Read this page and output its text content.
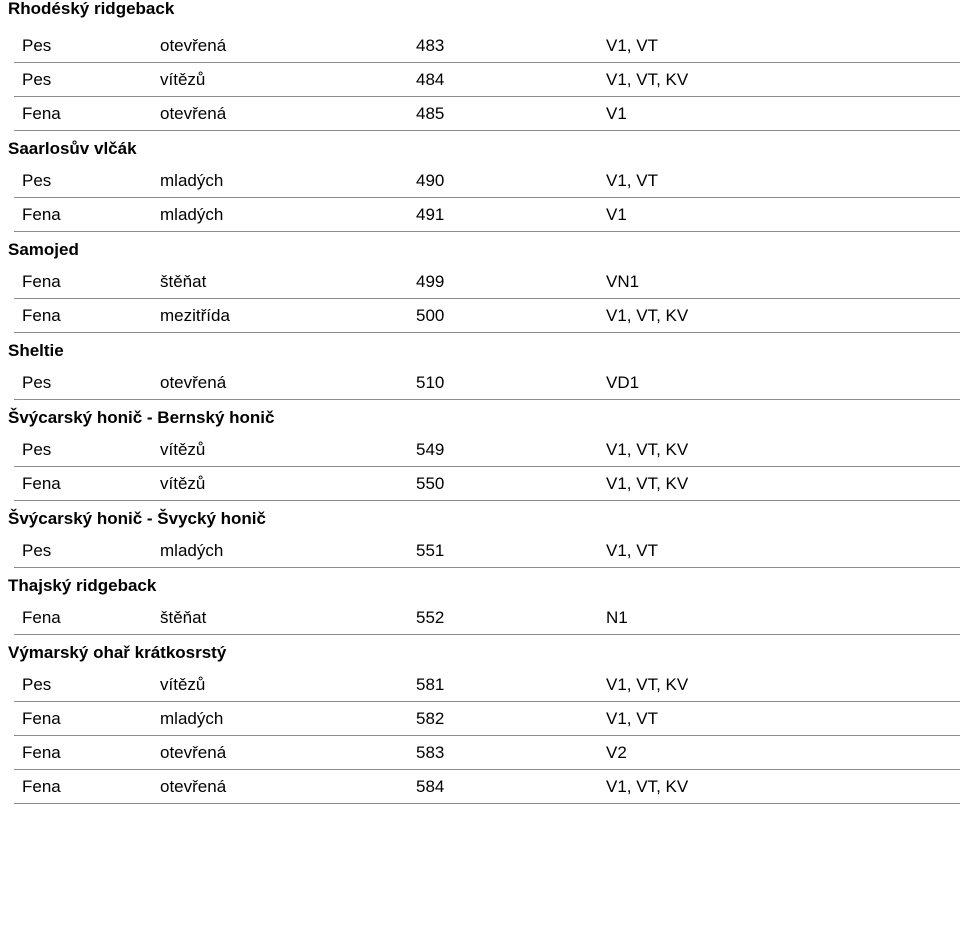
Rhodéský ridgeback
Pes	otevřená	483	V1, VT
Pes	vítězů	484	V1, VT, KV
Fena	otevřená	485	V1
Saarlosův vlčák
Pes	mladých	490	V1, VT
Fena	mladých	491	V1
Samojed
Fena	štěňat	499	VN1
Fena	mezitřída	500	V1, VT, KV
Sheltie
Pes	otevřená	510	VD1
Švýcarský honič - Bernský honič
Pes	vítězů	549	V1, VT, KV
Fena	vítězů	550	V1, VT, KV
Švýcarský honič - Švycký honič
Pes	mladých	551	V1, VT
Thajský ridgeback
Fena	štěňat	552	N1
Výmarský ohař krátkosrstý
Pes	vítězů	581	V1, VT, KV
Fena	mladých	582	V1, VT
Fena	otevřená	583	V2
Fena	otevřená	584	V1, VT, KV
